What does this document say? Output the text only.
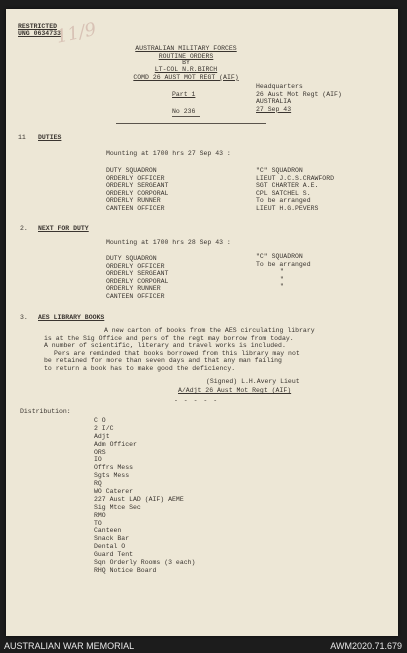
RESTRICTED
UNG 0634733
11/9
AUSTRALIAN MILITARY FORCES
ROUTINE ORDERS
BY
LT-COL N.R.BIRCH
COMD 26 AUST MOT REGT (AIF)
Part 1
No 236
Headquarters
26 Aust Mot Regt (AIF)
AUSTRALIA
27 Sep 43
11 DUTIES
Mounting at 1700 hrs 27 Sep 43 :
DUTY SQUADRON
ORDERLY OFFICER
ORDERLY SERGEANT
ORDERLY CORPORAL
ORDERLY RUNNER
CANTEEN OFFICER
"C" SQUADRON
LIEUT J.C.S.CRAWFORD
SGT CHARTER A.E.
CPL SATCHEL S.
To be arranged
LIEUT H.G.PEVERS
2. NEXT FOR DUTY
Mounting at 1700 hrs 28 Sep 43 :
DUTY SQUADRON
ORDERLY OFFICER
ORDERLY SERGEANT
ORDERLY CORPORAL
ORDERLY RUNNER
CANTEEN OFFICER
"C" SQUADRON
To be arranged
"
"
"
3. AES LIBRARY BOOKS
A new carton of books from the AES circulating library
is at the Sig Office and pers of the regt may borrow from today.
A number of scientific, literary and travel works is included.
Pers are reminded that books borrowed from this library may not
be retained for more than seven days and that any man failing
to return a book has to make good the deficiency.
(Signed) L.H.Avery Lieut
A/Adjt 26 Aust Mot Regt (AIF)
- - - - -
Distribution:
C O
2 I/C
Adjt
Adm Officer
ORS
IO
Offrs Mess
Sgts Mess
RQ
WO Caterer
227 Aust LAD (AIF) AEME
Sig Mtce Sec
RMO
TO
Canteen
Snack Bar
Dental O
Guard Tent
Sqn Orderly Rooms (3 each)
RHQ Notice Board
AUSTRALIAN WAR MEMORIAL	AWM2020.71.679
